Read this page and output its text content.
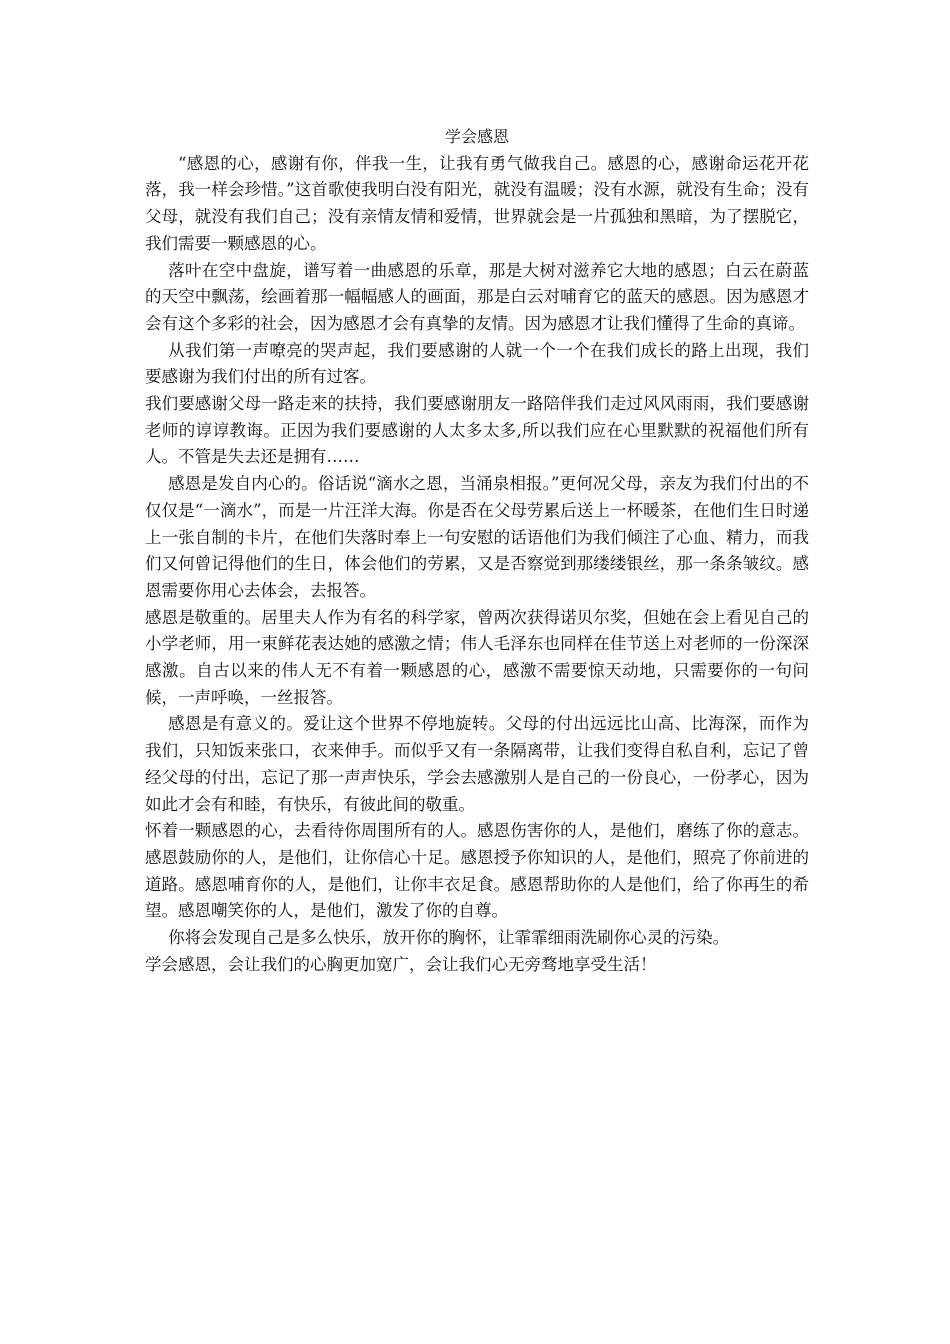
学会感恩

“感恩的心，感谢有你，伴我一生，让我有勇气做我自己。感恩的心，感谢命运花开花落，我一样会珍惜。”这首歌使我明白没有阳光，就没有温暖；没有水源，就没有生命；没有父母，就没有我们自己；没有亲情友情和爱情，世界就会是一片孤独和黑暗，为了摆脱它，我们需要一颗感恩的心。

落叶在空中盘旋，谱写着一曲感恩的乐章，那是大树对滋养它大地的感恩；白云在蔚蓝的天空中飘荡，绘画着那一幅幅感人的画面，那是白云对哺育它的蓝天的感恩。因为感恩才会有这个多彩的社会，因为感恩才会有真挚的友情。因为感恩才让我们懂得了生命的真谛。

从我们第一声嘹亮的哭声起，我们要感谢的人就一个一个在我们成长的路上出现，我们要感谢为我们付出的所有过客。

我们要感谢父母一路走来的扶持，我们要感谢朋友一路陪伴我们走过风风雨雨，我们要感谢老师的谆谆教诲。正因为我们要感谢的人太多太多,所以我们应在心里默默的祝福他们所有人。不管是失去还是拥有……

感恩是发自内心的。俗话说“滴水之恩，当涌泉相报。”更何况父母，亲友为我们付出的不仅仅是“一滴水”，而是一片汪洋大海。你是否在父母劳累后送上一杯暖茶，在他们生日时递上一张自制的卡片，在他们失落时奉上一句安慰的话语他们为我们倾注了心血、精力，而我们又何曾记得他们的生日，体会他们的劳累，又是否察觉到那缕缕银丝，那一条条皱纹。感恩需要你用心去体会，去报答。

感恩是敬重的。居里夫人作为有名的科学家，曾两次获得诺贝尔奖，但她在会上看见自己的小学老师，用一束鲜花表达她的感激之情；伟人毛泽东也同样在佳节送上对老师的一份深深感激。自古以来的伟人无不有着一颗感恩的心，感激不需要惊天动地，只需要你的一句问候，一声呼唤，一丝报答。

感恩是有意义的。爱让这个世界不停地旋转。父母的付出远远比山高、比海深，而作为我们，只知饭来张口，衣来伸手。而似乎又有一条隔离带，让我们变得自私自利，忘记了曾经父母的付出，忘记了那一声声快乐，学会去感激别人是自己的一份良心，一份孝心，因为如此才会有和睦，有快乐，有彼此间的敬重。

怀着一颗感恩的心，去看待你周围所有的人。感恩伤害你的人，是他们，磨练了你的意志。感恩鼓励你的人，是他们，让你信心十足。感恩授予你知识的人，是他们，照亮了你前进的道路。感恩哺育你的人，是他们，让你丰衣足食。感恩帮助你的人是他们，给了你再生的希望。感恩嘲笑你的人，是他们，激发了你的自尊。

你将会发现自己是多么快乐，放开你的胸怀，让霏霏细雨洗刷你心灵的污染。

学会感恩，会让我们的心胸更加宽广，会让我们心无旁骛地享受生活！
